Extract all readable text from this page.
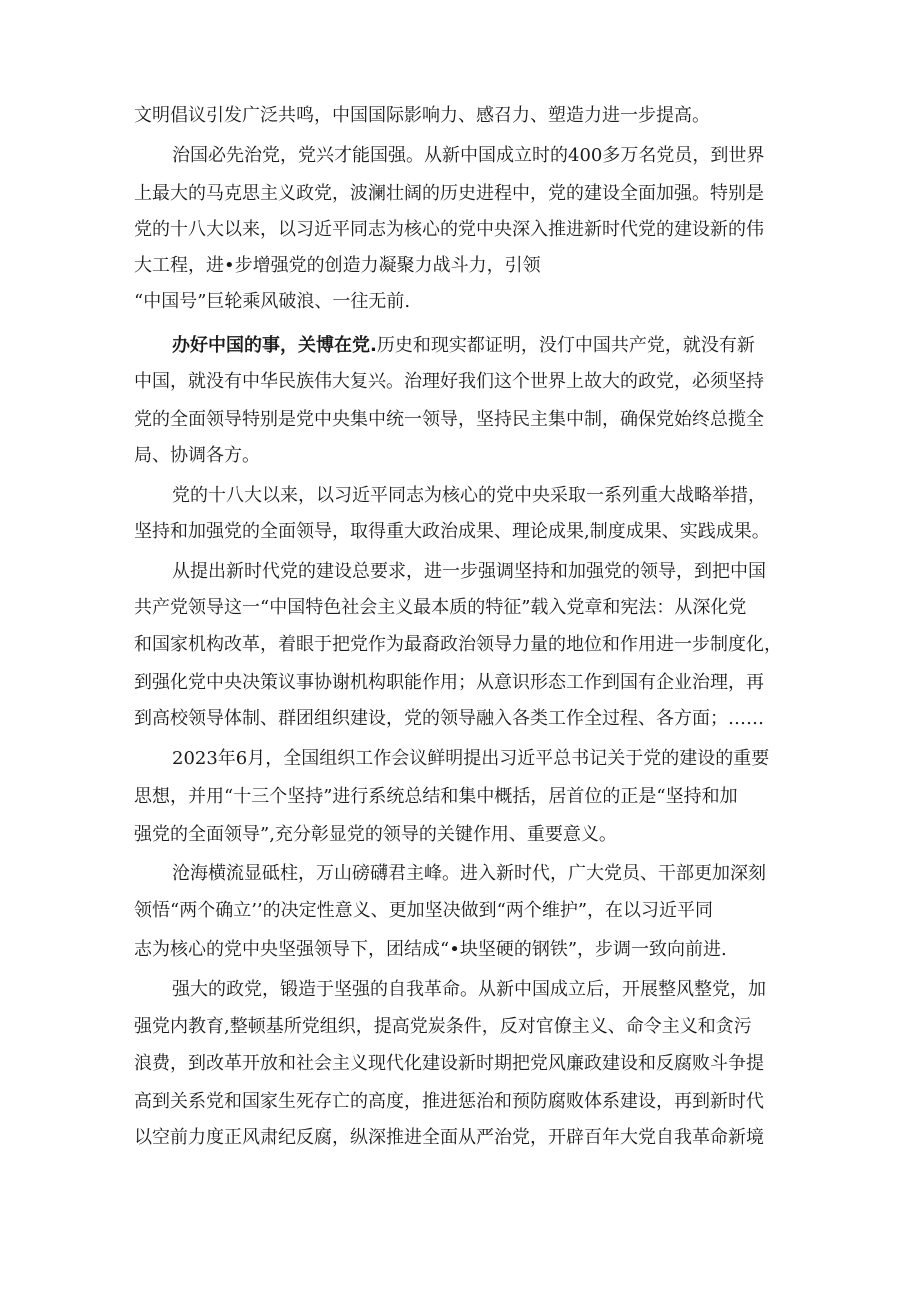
文明倡议引发广泛共鸣，中国国际影响力、感召力、塑造力进一步提高。

治国必先治党，党兴才能国强。从新中国成立时的400多万名党员，到世界

上最大的马克思主义政党，波澜壮阔的历史进程中，党的建设全面加强。特别是

党的十八大以来，以习近平同志为核心的党中央深入推进新时代党的建设新的伟

大工程，进•步增强党的创造力凝聚力战斗力，引领

“中国号”巨轮乘风破浪、一往无前.

办好中国的事，关博在党.历史和现实都证明，没仃中国共产党，就没有新

中国，就没有中华民族伟大复兴。治理好我们这个世界上故大的政党，必须坚持

党的全面领导特别是党中央集中统一领导，坚持民主集中制，确保党始终总揽全

局、协调各方。

党的十八大以来，以习近平同志为核心的党中央采取一系列重大战略举措，

坚持和加强党的全面领导，取得重大政治成果、理论成果,制度成果、实践成果。

从提出新时代党的建设总要求，进一步强调坚持和加强党的领导，到把中国

共产党领导这一“中国特色社会主义最本质的特征”载入党章和宪法：从深化党

和国家机构改革，着眼于把党作为最裔政治领导力量的地位和作用进一步制度化，

到强化党中央决策议事协谢机构职能作用；从意识形态工作到国有企业治理，再

到高校领导体制、群团组织建设，党的领导融入各类工作全过程、各方面；……

2023年6月，全国组织工作会议鲜明提出习近平总书记关于党的建设的重要

思想，并用“十三个坚持”进行系统总结和集中概括，居首位的正是“坚持和加

强党的全面领导”,充分彰显党的领导的关键作用、重要意义。

沧海横流显砥柱，万山磅礴君主峰。进入新时代，广大党员、干部更加深刻

领悟“两个确立’’的决定性意义、更加坚决做到“两个维护”，在以习近平同

志为核心的党中央坚强领导下，团结成“•块坚硬的钢铁”，步调一致向前进.

强大的政党，锻造于坚强的自我革命。从新中国成立后，开展整风整党，加

强党内教育,整顿基所党组织，提高党炭条件，反对官僚主义、命令主义和贪污

浪费，到改革开放和社会主义现代化建设新时期把党风廉政建设和反腐败斗争提

高到关系党和国家生死存亡的高度，推进惩治和预防腐败体系建设，再到新时代

以空前力度正风肃纪反腐，纵深推进全面从严治党，开辟百年大党自我革命新境
